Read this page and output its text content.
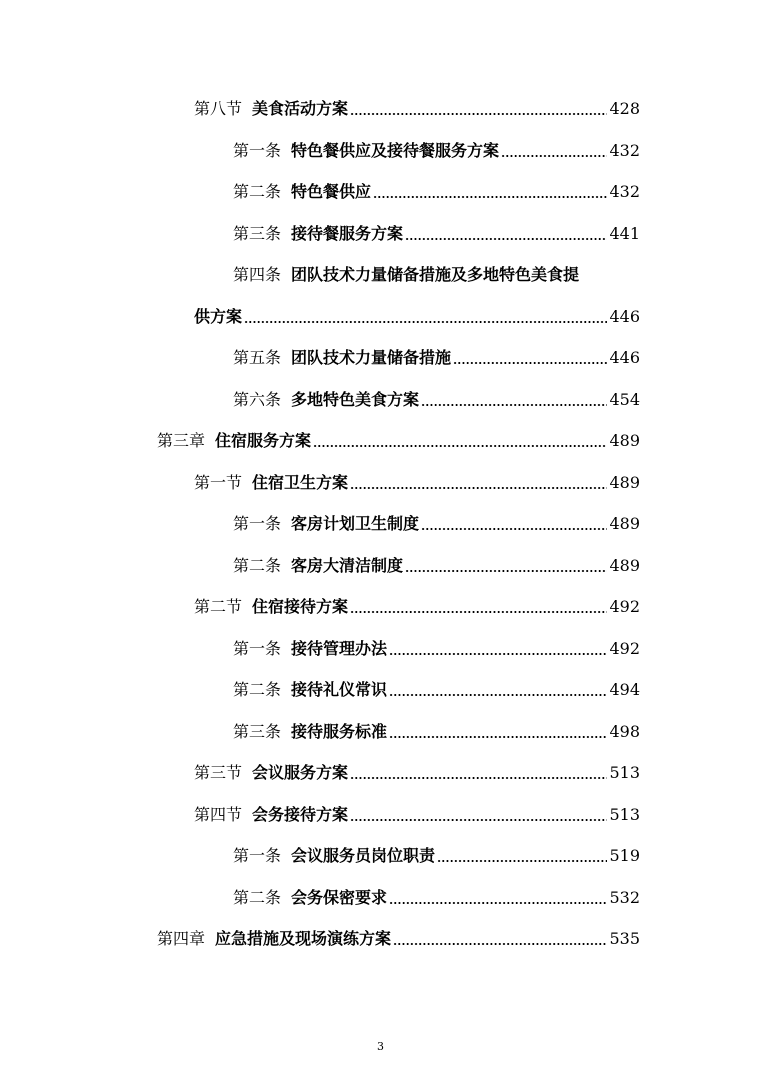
第八节 美食活动方案	428
第一条 特色餐供应及接待餐服务方案	432
第二条 特色餐供应	432
第三条 接待餐服务方案	441
第四条 团队技术力量储备措施及多地特色美食提
供方案	446
第五条 团队技术力量储备措施	446
第六条 多地特色美食方案	454
第三章 住宿服务方案	489
第一节 住宿卫生方案	489
第一条 客房计划卫生制度	489
第二条 客房大清洁制度	489
第二节 住宿接待方案	492
第一条 接待管理办法	492
第二条 接待礼仪常识	494
第三条 接待服务标准	498
第三节 会议服务方案	513
第四节 会务接待方案	513
第一条 会议服务员岗位职责	519
第二条 会务保密要求	532
第四章 应急措施及现场演练方案	535
3
